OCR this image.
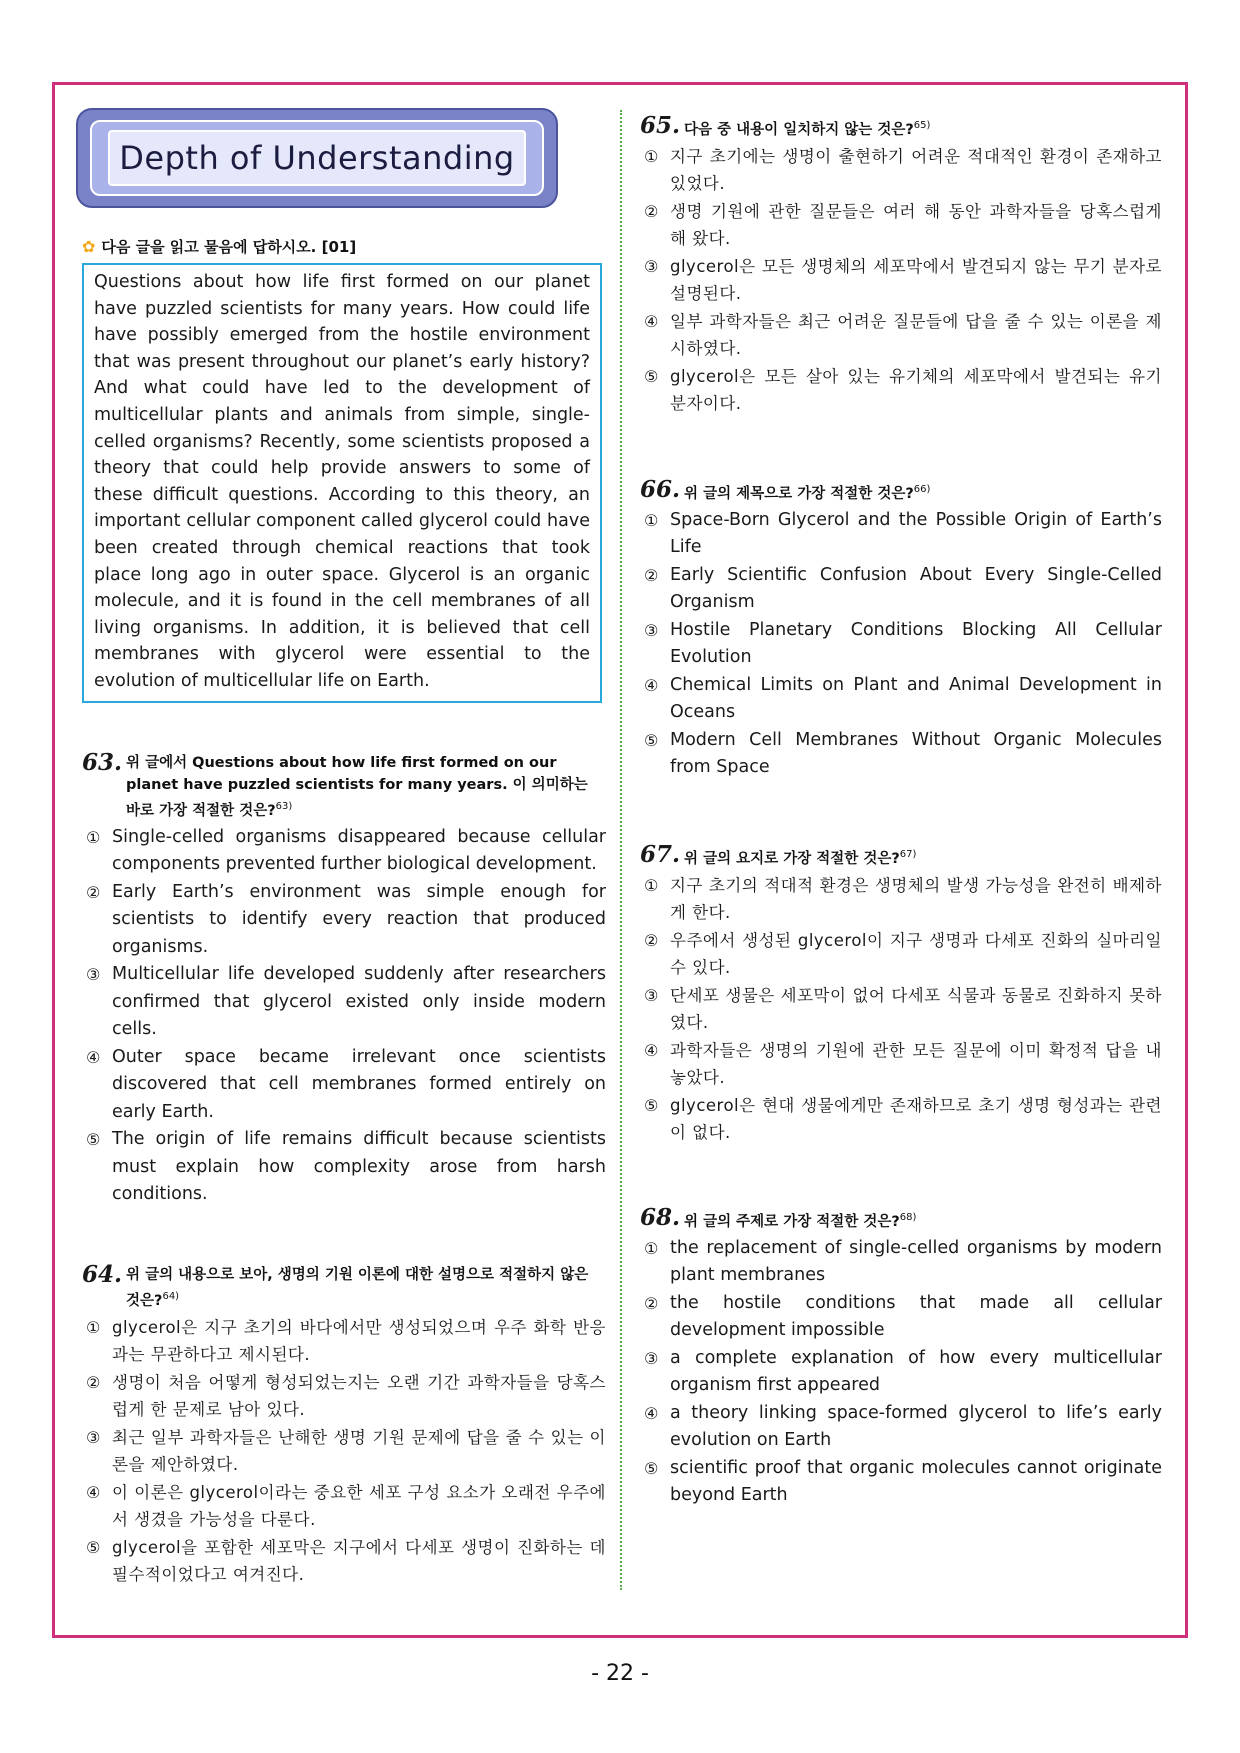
Depth of Understanding
✿ 다음 글을 읽고 물음에 답하시오. [01]
Questions about how life first formed on our planet have puzzled scientists for many years. How could life have possibly emerged from the hostile environment that was present throughout our planet’s early history? And what could have led to the development of multicellular plants and animals from simple, single-celled organisms? Recently, some scientists proposed a theory that could help provide answers to some of these difficult questions. According to this theory, an important cellular component called glycerol could have been created through chemical reactions that took place long ago in outer space. Glycerol is an organic molecule, and it is found in the cell membranes of all living organisms. In addition, it is believed that cell membranes with glycerol were essential to the evolution of multicellular life on Earth.
63. 위 글에서 Questions about how life first formed on our planet have puzzled scientists for many years. 이 의미하는 바로 가장 적절한 것은?$^{63)}$
① Single-celled organisms disappeared because cellular components prevented further biological development.
② Early Earth’s environment was simple enough for scientists to identify every reaction that produced organisms.
③ Multicellular life developed suddenly after researchers confirmed that glycerol existed only inside modern cells.
④ Outer space became irrelevant once scientists discovered that cell membranes formed entirely on early Earth.
⑤ The origin of life remains difficult because scientists must explain how complexity arose from harsh conditions.
64. 위 글의 내용으로 보아, 생명의 기원 이론에 대한 설명으로 적절하지 않은 것은?$^{64)}$
① glycerol은 지구 초기의 바다에서만 생성되었으며 우주 화학 반응과는 무관하다고 제시된다.
② 생명이 처음 어떻게 형성되었는지는 오랜 기간 과학자들을 당혹스럽게 한 문제로 남아 있다.
③ 최근 일부 과학자들은 난해한 생명 기원 문제에 답을 줄 수 있는 이론을 제안하였다.
④ 이 이론은 glycerol이라는 중요한 세포 구성 요소가 오래전 우주에서 생겼을 가능성을 다룬다.
⑤ glycerol을 포함한 세포막은 지구에서 다세포 생명이 진화하는 데 필수적이었다고 여겨진다.
65. 다음 중 내용이 일치하지 않는 것은?$^{65)}$
① 지구 초기에는 생명이 출현하기 어려운 적대적인 환경이 존재하고 있었다.
② 생명 기원에 관한 질문들은 여러 해 동안 과학자들을 당혹스럽게 해 왔다.
③ glycerol은 모든 생명체의 세포막에서 발견되지 않는 무기 분자로 설명된다.
④ 일부 과학자들은 최근 어려운 질문들에 답을 줄 수 있는 이론을 제시하였다.
⑤ glycerol은 모든 살아 있는 유기체의 세포막에서 발견되는 유기 분자이다.
66. 위 글의 제목으로 가장 적절한 것은?$^{66)}$
① Space-Born Glycerol and the Possible Origin of Earth’s Life
② Early Scientific Confusion About Every Single-Celled Organism
③ Hostile Planetary Conditions Blocking All Cellular Evolution
④ Chemical Limits on Plant and Animal Development in Oceans
⑤ Modern Cell Membranes Without Organic Molecules from Space
67. 위 글의 요지로 가장 적절한 것은?$^{67)}$
① 지구 초기의 적대적 환경은 생명체의 발생 가능성을 완전히 배제하게 한다.
② 우주에서 생성된 glycerol이 지구 생명과 다세포 진화의 실마리일 수 있다.
③ 단세포 생물은 세포막이 없어 다세포 식물과 동물로 진화하지 못하였다.
④ 과학자들은 생명의 기원에 관한 모든 질문에 이미 확정적 답을 내놓았다.
⑤ glycerol은 현대 생물에게만 존재하므로 초기 생명 형성과는 관련이 없다.
68. 위 글의 주제로 가장 적절한 것은?$^{68)}$
① the replacement of single-celled organisms by modern plant membranes
② the hostile conditions that made all cellular development impossible
③ a complete explanation of how every multicellular organism first appeared
④ a theory linking space-formed glycerol to life’s early evolution on Earth
⑤ scientific proof that organic molecules cannot originate beyond Earth
- 22 -
